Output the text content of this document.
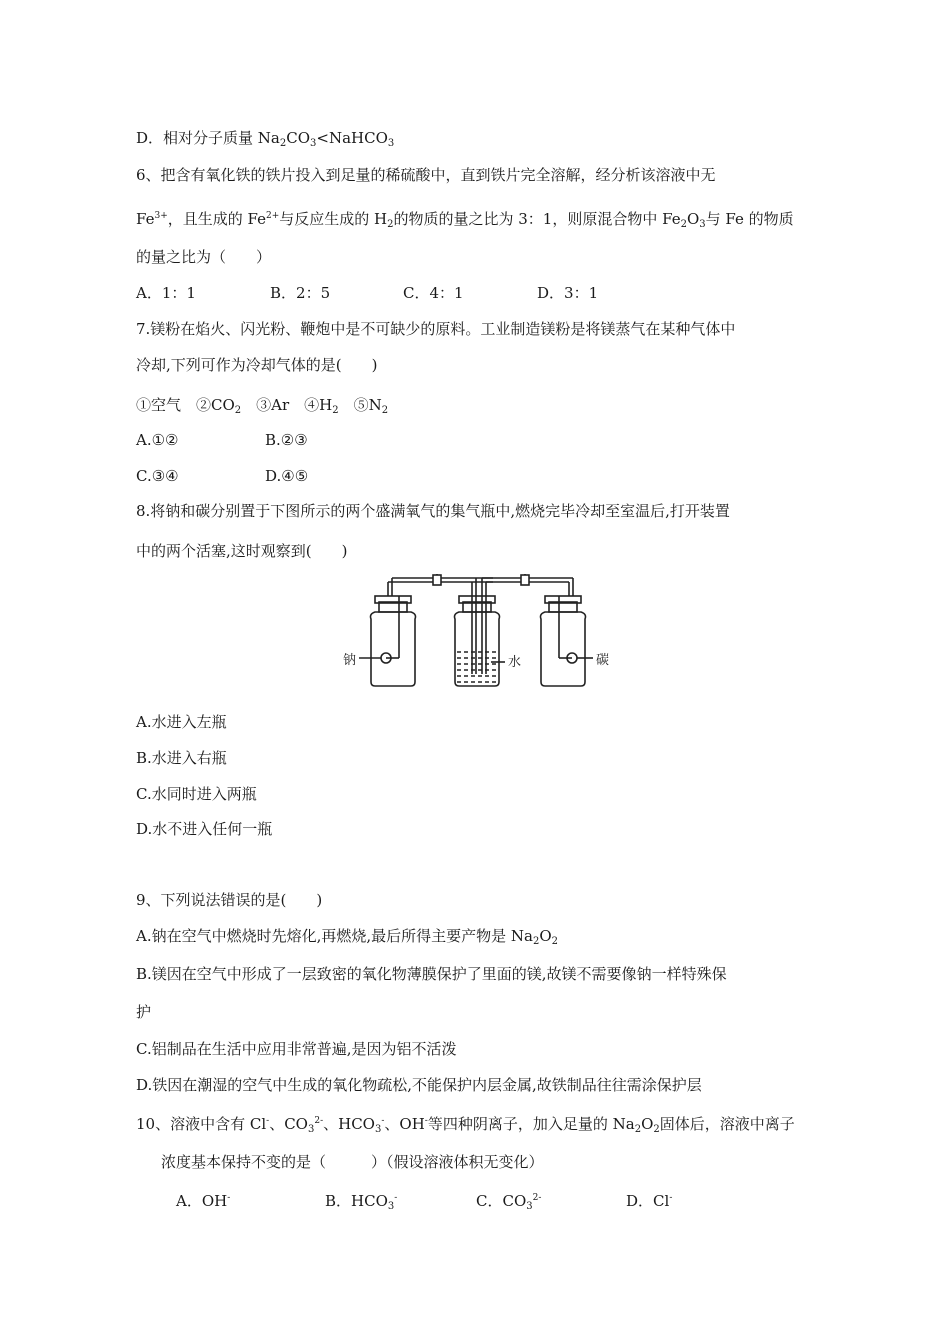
D．相对分子质量 $Na_2CO_3<NaHCO_3$
6、把含有氧化铁的铁片投入到足量的稀硫酸中，直到铁片完全溶解，经分析该溶液中无
$Fe^{3+}$，且生成的 $Fe^{2+}$与反应生成的 $H_2$的物质的量之比为 3：1，则原混合物中 $Fe_2O_3$与 Fe 的物质
的量之比为（　　）
A．1：1	B．2：5	C．4：1	D．3：1
7.镁粉在焰火、闪光粉、鞭炮中是不可缺少的原料。工业制造镁粉是将镁蒸气在某种气体中
冷却,下列可作为冷却气体的是(　　)
①空气　$②CO_2$　③Ar　$④H_2$　$⑤N_2$
A.①②	B.②③
C.③④	D.④⑤
8.将钠和碳分别置于下图所示的两个盛满氧气的集气瓶中,燃烧完毕冷却至室温后,打开装置
中的两个活塞,这时观察到(　　)
钠	水	碳
A.水进入左瓶
B.水进入右瓶
C.水同时进入两瓶
D.水不进入任何一瓶
9、下列说法错误的是(　　)
A.钠在空气中燃烧时先熔化,再燃烧,最后所得主要产物是 $Na_2O_2$
B.镁因在空气中形成了一层致密的氧化物薄膜保护了里面的镁,故镁不需要像钠一样特殊保
护
C.铝制品在生活中应用非常普遍,是因为铝不活泼
D.铁因在潮湿的空气中生成的氧化物疏松,不能保护内层金属,故铁制品往往需涂保护层
10、溶液中含有 Cl-、$CO_3^{2-}$、$HCO_3^-$、OH-等四种阴离子，加入足量的 $Na_2O_2$固体后，溶液中离子
浓度基本保持不变的是（　　　）（假设溶液体积无变化）
A．OH-	B．$HCO_3^-$	C．$CO_3^{2-}$	D．Cl-
